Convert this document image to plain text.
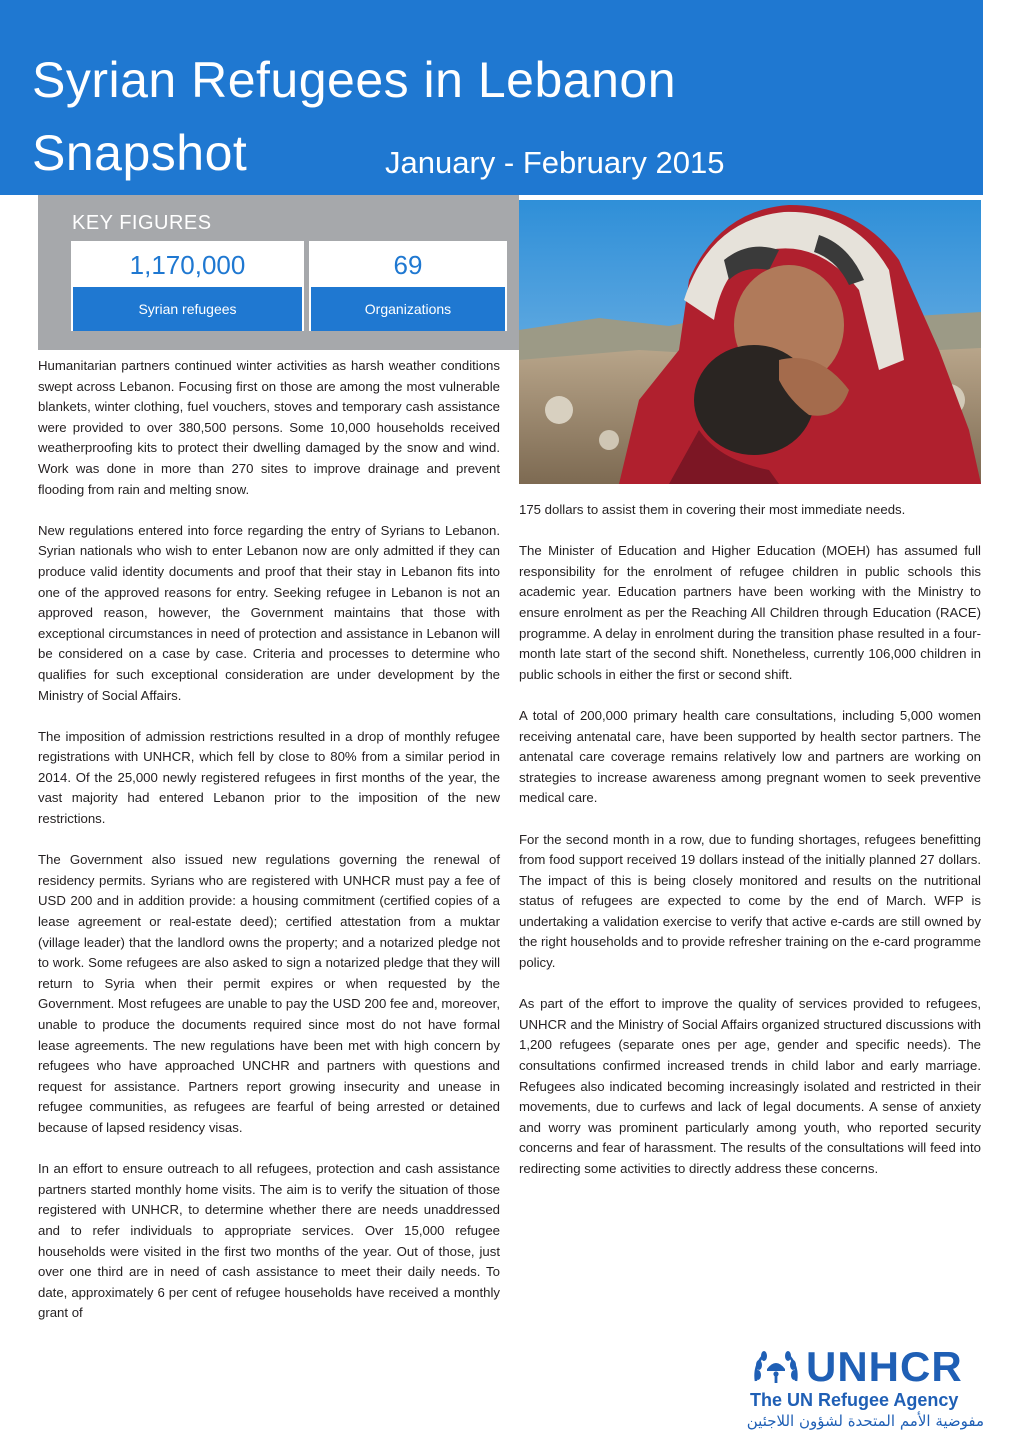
Syrian Refugees in Lebanon
Snapshot	January - February 2015
KEY FIGURES
1,170,000
Syrian refugees
69
Organizations

Humanitarian partners continued winter activities as harsh weather conditions swept across Lebanon. Focusing first on those are among the most vulnerable blankets, winter clothing, fuel vouchers, stoves and temporary cash assistance were provided to over 380,500 persons. Some 10,000 households received weatherproofing kits to protect their dwelling damaged by the snow and wind. Work was done in more than 270 sites to improve drainage and prevent flooding from rain and melting snow.

New regulations entered into force regarding the entry of Syrians to Lebanon. Syrian nationals who wish to enter Lebanon now are only admitted if they can produce valid identity documents and proof that their stay in Lebanon fits into one of the approved reasons for entry. Seeking refugee in Lebanon is not an approved reason, however, the Government maintains that those with exceptional circumstances in need of protection and assistance in Lebanon will be considered on a case by case. Criteria and processes to determine who qualifies for such exceptional consideration are under development by the Ministry of Social Affairs.

The imposition of admission restrictions resulted in a drop of monthly refugee registrations with UNHCR, which fell by close to 80% from a similar period in 2014. Of the 25,000 newly registered refugees in first months of the year, the vast majority had entered Lebanon prior to the imposition of the new restrictions.

The Government also issued new regulations governing the renewal of residency permits. Syrians who are registered with UNHCR must pay a fee of USD 200 and in addition provide: a housing commitment (certified copies of a lease agreement or real-estate deed); certified attestation from a muktar (village leader) that the landlord owns the property; and a notarized pledge not to work. Some refugees are also asked to sign a notarized pledge that they will return to Syria when their permit expires or when requested by the Government. Most refugees are unable to pay the USD 200 fee and, moreover, unable to produce the documents required since most do not have formal lease agreements. The new regulations have been met with high concern by refugees who have approached UNCHR and partners with questions and request for assistance. Partners report growing insecurity and unease in refugee communities, as refugees are fearful of being arrested or detained because of lapsed residency visas.

In an effort to ensure outreach to all refugees, protection and cash assistance partners started monthly home visits. The aim is to verify the situation of those registered with UNHCR, to determine whether there are needs unaddressed and to refer individuals to appropriate services. Over 15,000 refugee households were visited in the first two months of the year. Out of those, just over one third are in need of cash assistance to meet their daily needs. To date, approximately 6 per cent of refugee households have received a monthly grant of

175 dollars to assist them in covering their most immediate needs.

The Minister of Education and Higher Education (MOEH) has assumed full responsibility for the enrolment of refugee children in public schools this academic year. Education partners have been working with the Ministry to ensure enrolment as per the Reaching All Children through Education (RACE) programme. A delay in enrolment during the transition phase resulted in a four-month late start of the second shift. Nonetheless, currently 106,000 children in public schools in either the first or second shift.

A total of 200,000 primary health care consultations, including 5,000 women receiving antenatal care, have been supported by health sector partners. The antenatal care coverage remains relatively low and partners are working on strategies to increase awareness among pregnant women to seek preventive medical care.

For the second month in a row, due to funding shortages, refugees benefitting from food support received 19 dollars instead of the initially planned 27 dollars. The impact of this is being closely monitored and results on the nutritional status of refugees are expected to come by the end of March. WFP is undertaking a validation exercise to verify that active e-cards are still owned by the right households and to provide refresher training on the e-card programme policy.

As part of the effort to improve the quality of services provided to refugees, UNHCR and the Ministry of Social Affairs organized structured discussions with 1,200 refugees (separate ones per age, gender and specific needs). The consultations confirmed increased trends in child labor and early marriage. Refugees also indicated becoming increasingly isolated and restricted in their movements, due to curfews and lack of legal documents. A sense of anxiety and worry was prominent particularly among youth, who reported security concerns and fear of harassment. The results of the consultations will feed into redirecting some activities to directly address these concerns.

UNHCR
The UN Refugee Agency
مفوضية الأمم المتحدة لشؤون اللاجئين
